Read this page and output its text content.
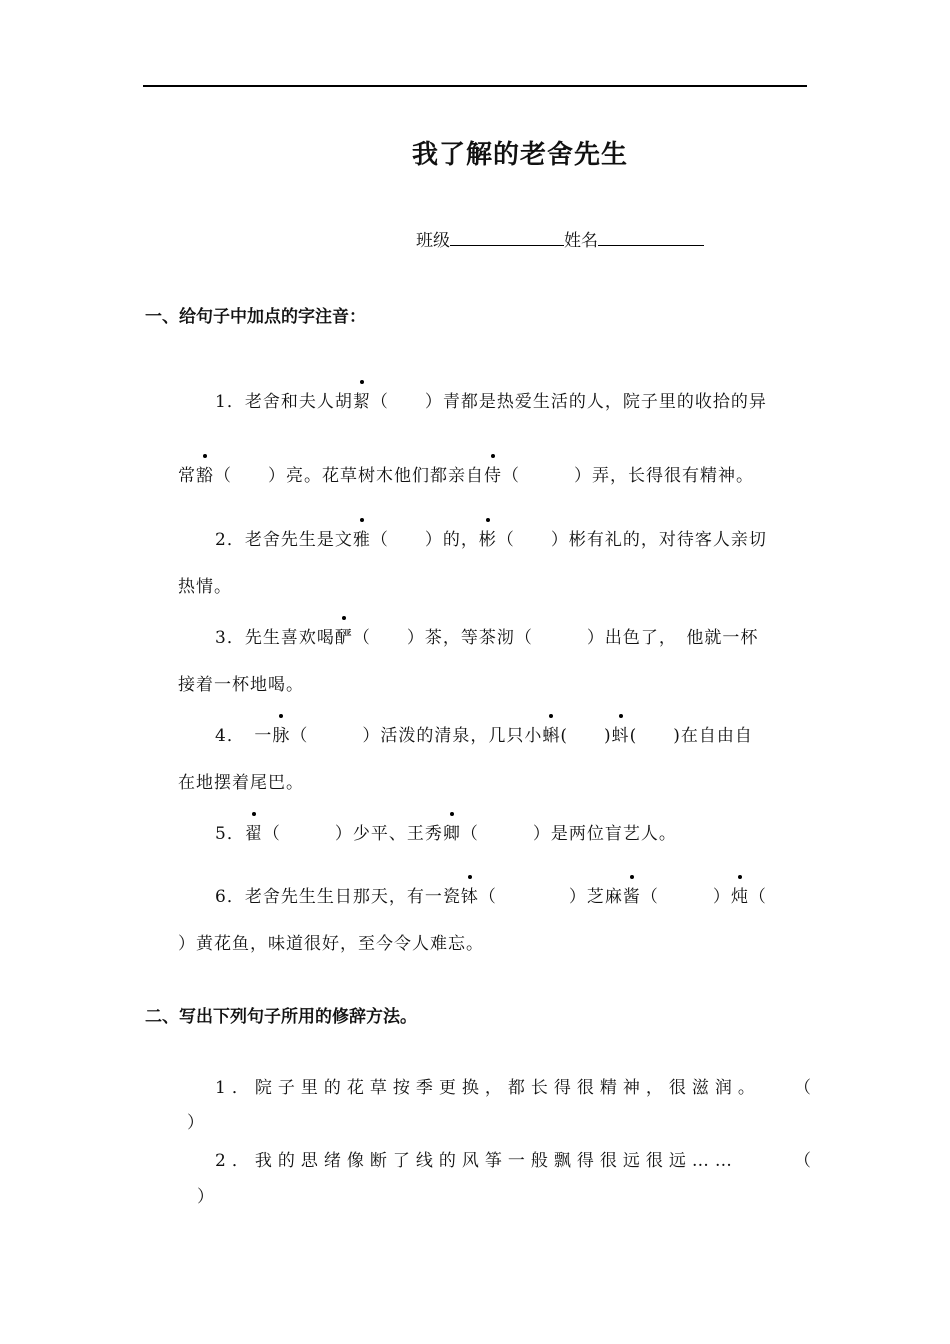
我了解的老舍先生
班级	姓名
一、给句子中加点的字注音：
1．老舍和夫人胡絜（　　）青都是热爱生活的人，院子里的收拾的异
常豁（　　）亮。花草树木他们都亲自侍（　　　）弄，长得很有精神。
2．老舍先生是文雅（　　）的，彬（　　）彬有礼的，对待客人亲切
热情。
3．先生喜欢喝酽（　　）茶，等茶沏（　　　）出色了，　他就一杯
接着一杯地喝。
4．　一脉（　　　）活泼的清泉，几只小蝌(　　)蚪(　　)在自由自
在地摆着尾巴。
5．翟（　　　）少平、王秀卿（　　　）是两位盲艺人。
6．老舍先生生日那天，有一瓷钵（　　　　）芝麻酱（　　　）炖（
）黄花鱼，味道很好，至今令人难忘。
二、写出下列句子所用的修辞方法。
1．院子里的花草按季更换，都长得很精神，很滋润。 （
）
2．我的思绪像断了线的风筝一般飘得很远很远……	（
）
